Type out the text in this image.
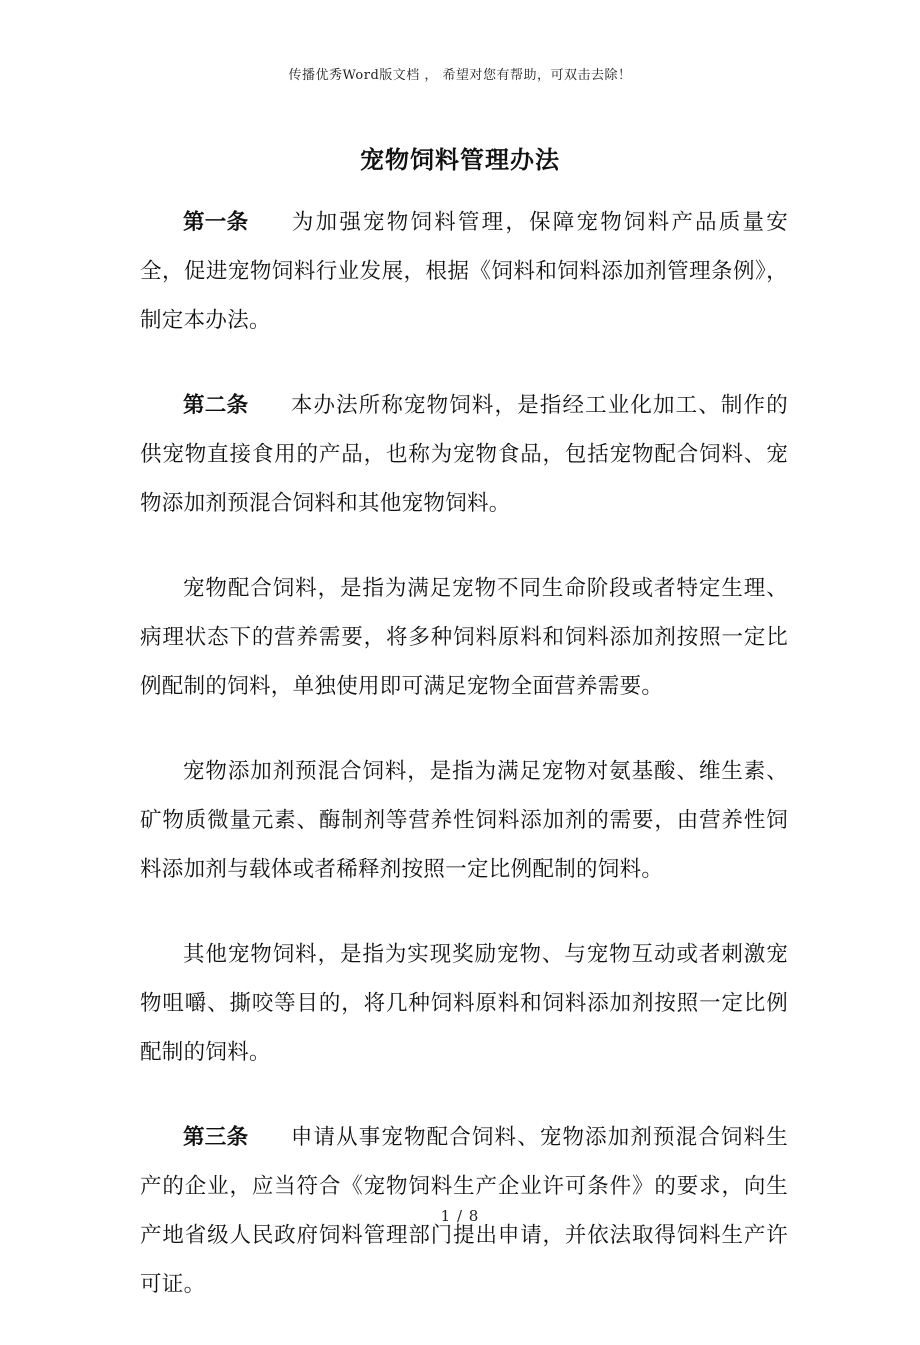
传播优秀Word版文档 ， 希望对您有帮助，可双击去除！
宠物饲料管理办法

第一条 为加强宠物饲料管理，保障宠物饲料产品质量安全，促进宠物饲料行业发展，根据《饲料和饲料添加剂管理条例》，制定本办法。

第二条 本办法所称宠物饲料，是指经工业化加工、制作的供宠物直接食用的产品，也称为宠物食品，包括宠物配合饲料、宠物添加剂预混合饲料和其他宠物饲料。

宠物配合饲料，是指为满足宠物不同生命阶段或者特定生理、病理状态下的营养需要，将多种饲料原料和饲料添加剂按照一定比例配制的饲料，单独使用即可满足宠物全面营养需要。

宠物添加剂预混合饲料，是指为满足宠物对氨基酸、维生素、矿物质微量元素、酶制剂等营养性饲料添加剂的需要，由营养性饲料添加剂与载体或者稀释剂按照一定比例配制的饲料。

其他宠物饲料，是指为实现奖励宠物、与宠物互动或者刺激宠物咀嚼、撕咬等目的，将几种饲料原料和饲料添加剂按照一定比例配制的饲料。

第三条 申请从事宠物配合饲料、宠物添加剂预混合饲料生产的企业，应当符合《宠物饲料生产企业许可条件》的要求，向生产地省级人民政府饲料管理部门提出申请，并依法取得饲料生产许可证。

1 / 8
